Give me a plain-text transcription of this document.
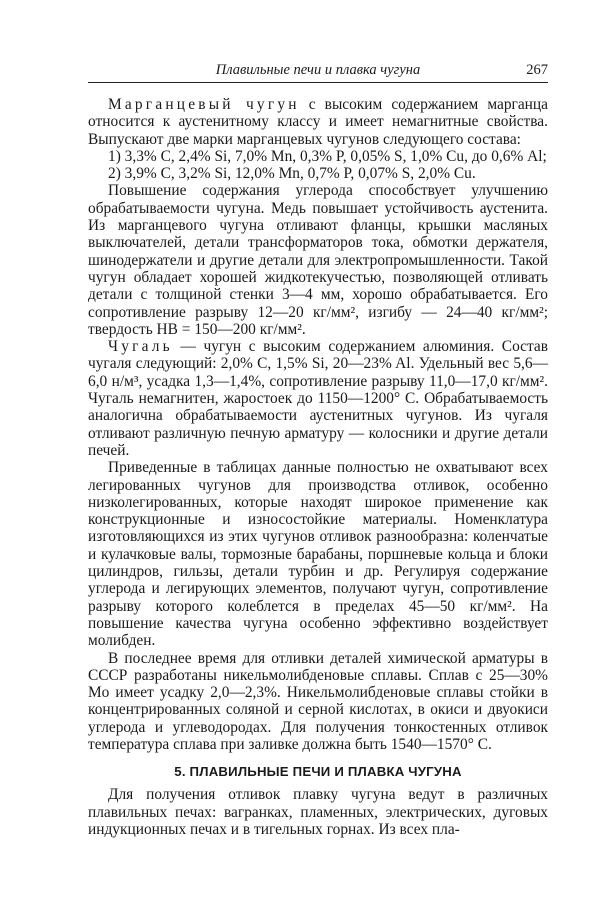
Плавильные печи и плавка чугуна	267

Марганцевый чугун с высоким содержанием марганца относится к аустенитному классу и имеет немагнитные свойства. Выпускают две марки марганцевых чугунов следующего состава:

1) 3,3% C, 2,4% Si, 7,0% Mn, 0,3% P, 0,05% S, 1,0% Cu, до 0,6% Al;

2) 3,9% C, 3,2% Si, 12,0% Mn, 0,7% P, 0,07% S, 2,0% Cu.

Повышение содержания углерода способствует улучшению обрабатываемости чугуна. Медь повышает устойчивость аустенита. Из марганцевого чугуна отливают фланцы, крышки масляных выключателей, детали трансформаторов тока, обмотки держателя, шинодержатели и другие детали для электропромышленности. Такой чугун обладает хорошей жидкотекучестью, позволяющей отливать детали с толщиной стенки 3—4 мм, хорошо обрабатывается. Его сопротивление разрыву 12—20 кг/мм², изгибу — 24—40 кг/мм²; твердость HB = 150—200 кг/мм².

Чугаль — чугун с высоким содержанием алюминия. Состав чугаля следующий: 2,0% C, 1,5% Si, 20—23% Al. Удельный вес 5,6—6,0 н/м³, усадка 1,3—1,4%, сопротивление разрыву 11,0—17,0 кг/мм². Чугаль немагнитен, жаростоек до 1150—1200° С. Обрабатываемость аналогична обрабатываемости аустенитных чугунов. Из чугаля отливают различную печную арматуру — колосники и другие детали печей.

Приведенные в таблицах данные полностью не охватывают всех легированных чугунов для производства отливок, особенно низколегированных, которые находят широкое применение как конструкционные и износостойкие материалы. Номенклатура изготовляющихся из этих чугунов отливок разнообразна: коленчатые и кулачковые валы, тормозные барабаны, поршневые кольца и блоки цилиндров, гильзы, детали турбин и др. Регулируя содержание углерода и легирующих элементов, получают чугун, сопротивление разрыву которого колеблется в пределах 45—50 кг/мм². На повышение качества чугуна особенно эффективно воздействует молибден.

В последнее время для отливки деталей химической арматуры в СССР разработаны никельмолибденовые сплавы. Сплав с 25—30% Mo имеет усадку 2,0—2,3%. Никельмолибденовые сплавы стойки в концентрированных соляной и серной кислотах, в окиси и двуокиси углерода и углеводородах. Для получения тонкостенных отливок температура сплава при заливке должна быть 1540—1570° С.

5. ПЛАВИЛЬНЫЕ ПЕЧИ И ПЛАВКА ЧУГУНА

Для получения отливок плавку чугуна ведут в различных плавильных печах: вагранках, пламенных, электрических, дуговых индукционных печах и в тигельных горнах. Из всех пла-
